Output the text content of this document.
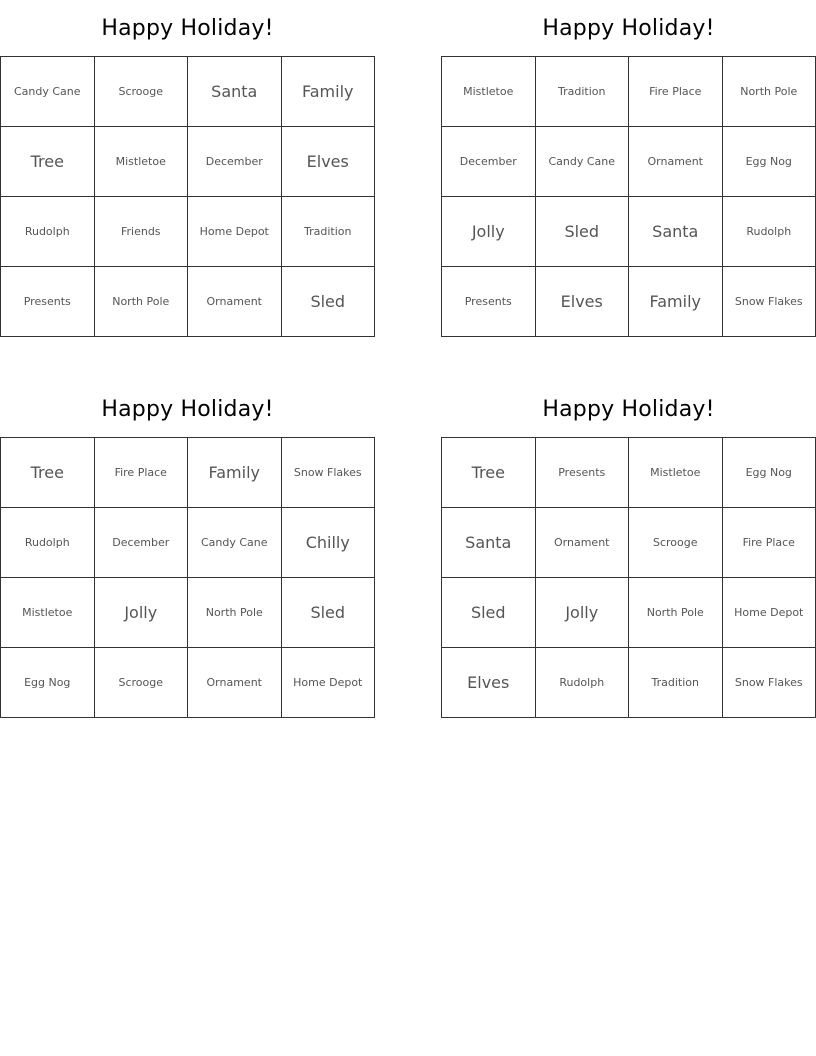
Happy Holiday!
Candy Cane	Scrooge	Santa	Family
Tree	Mistletoe	December	Elves
Rudolph	Friends	Home Depot	Tradition
Presents	North Pole	Ornament	Sled
Happy Holiday!
Mistletoe	Tradition	Fire Place	North Pole
December	Candy Cane	Ornament	Egg Nog
Jolly	Sled	Santa	Rudolph
Presents	Elves	Family	Snow Flakes
Happy Holiday!
Tree	Fire Place	Family	Snow Flakes
Rudolph	December	Candy Cane	Chilly
Mistletoe	Jolly	North Pole	Sled
Egg Nog	Scrooge	Ornament	Home Depot
Happy Holiday!
Tree	Presents	Mistletoe	Egg Nog
Santa	Ornament	Scrooge	Fire Place
Sled	Jolly	North Pole	Home Depot
Elves	Rudolph	Tradition	Snow Flakes
